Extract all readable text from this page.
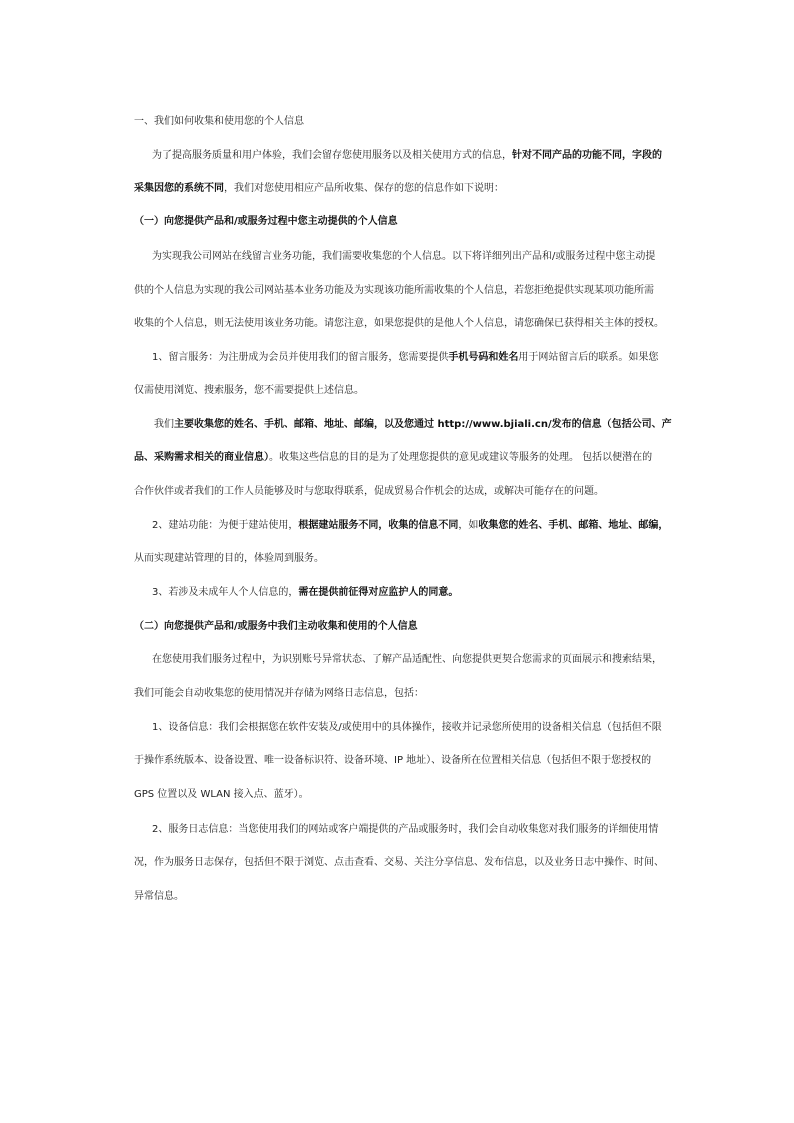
一、我们如何收集和使用您的个人信息
为了提高服务质量和用户体验，我们会留存您使用服务以及相关使用方式的信息，针对不同产品的功能不同，字段的
采集因您的系统不同，我们对您使用相应产品所收集、保存的您的信息作如下说明：
（一）向您提供产品和/或服务过程中您主动提供的个人信息
为实现我公司网站在线留言业务功能，我们需要收集您的个人信息。以下将详细列出产品和/或服务过程中您主动提
供的个人信息为实现的我公司网站基本业务功能及为实现该功能所需收集的个人信息，若您拒绝提供实现某项功能所需
收集的个人信息，则无法使用该业务功能。请您注意，如果您提供的是他人个人信息，请您确保已获得相关主体的授权。
1、留言服务：为注册成为会员并使用我们的留言服务，您需要提供手机号码和姓名用于网站留言后的联系。如果您
仅需使用浏览、搜索服务，您不需要提供上述信息。
我们主要收集您的姓名、手机、邮箱、地址、邮编，以及您通过 http://www.bjiali.cn/发布的信息（包括公司、产
品、采购需求相关的商业信息）。收集这些信息的目的是为了处理您提供的意见或建议等服务的处理。 包括以便潜在的
合作伙伴或者我们的工作人员能够及时与您取得联系，促成贸易合作机会的达成，或解决可能存在的问题。
2、建站功能：为便于建站使用，根据建站服务不同，收集的信息不同，如收集您的姓名、手机、邮箱、地址、邮编，
从而实现建站管理的目的，体验周到服务。
3、若涉及未成年人个人信息的，需在提供前征得对应监护人的同意。
（二）向您提供产品和/或服务中我们主动收集和使用的个人信息
在您使用我们服务过程中，为识别账号异常状态、了解产品适配性、向您提供更契合您需求的页面展示和搜索结果，
我们可能会自动收集您的使用情况并存储为网络日志信息，包括：
1、设备信息：我们会根据您在软件安装及/或使用中的具体操作，接收并记录您所使用的设备相关信息（包括但不限
于操作系统版本、设备设置、唯一设备标识符、设备环境、IP 地址）、设备所在位置相关信息（包括但不限于您授权的
GPS 位置以及 WLAN 接入点、蓝牙）。
2、服务日志信息：当您使用我们的网站或客户端提供的产品或服务时，我们会自动收集您对我们服务的详细使用情
况，作为服务日志保存，包括但不限于浏览、点击查看、交易、关注分享信息、发布信息，以及业务日志中操作、时间、
异常信息。
